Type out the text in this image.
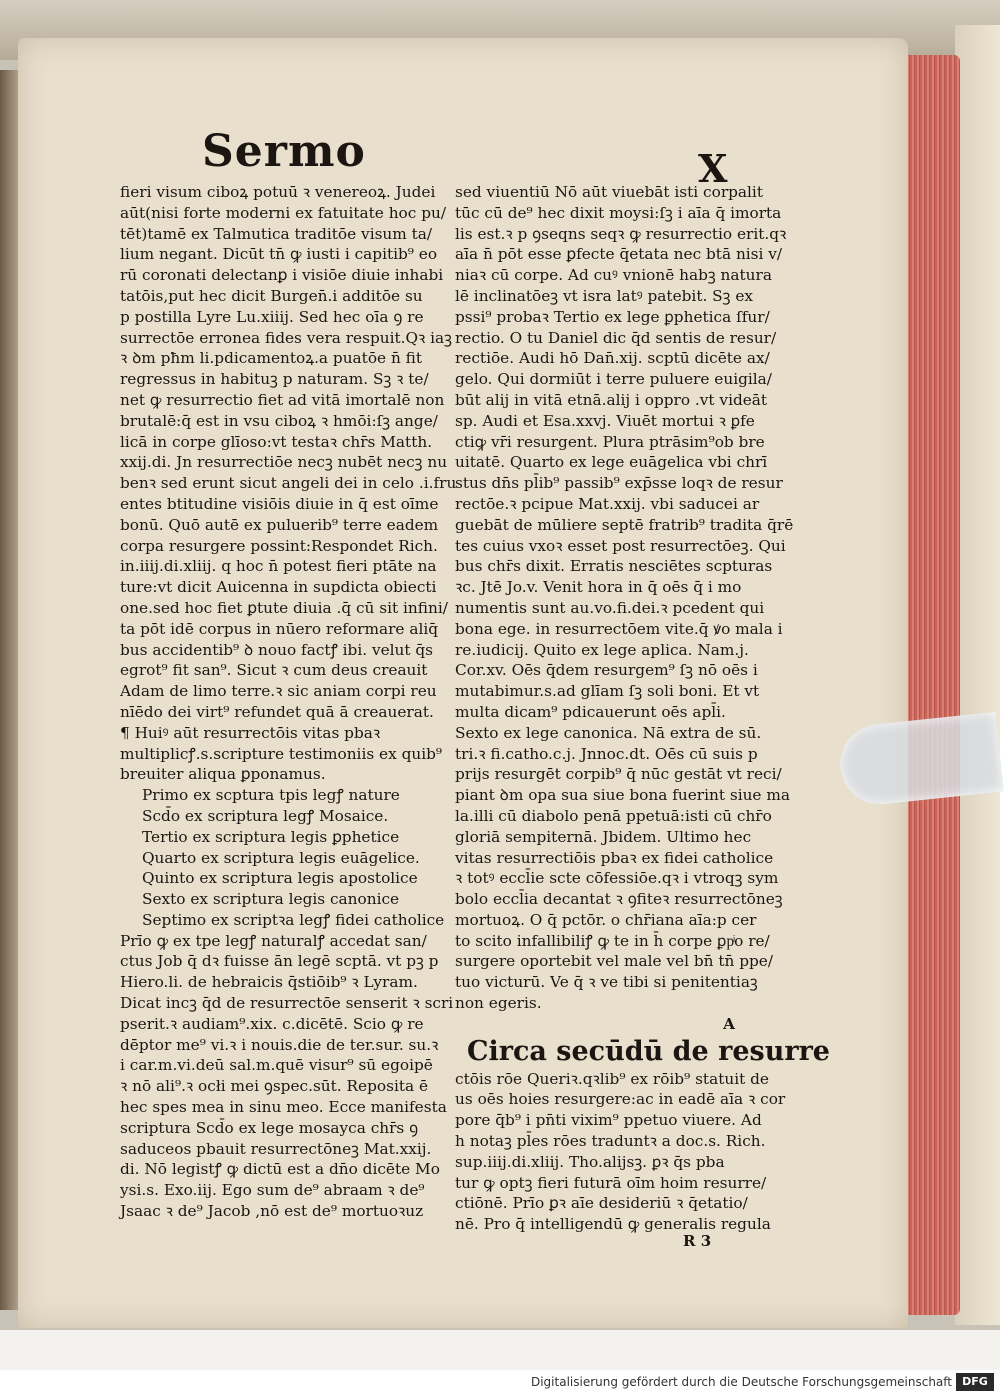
Sermo	X
fieri visum ciboꝝ potuū ꝛ venereoꝝ. Judei
aūt(nisi forte moderni ex fatuitate hoc pu/
tēt)tamē ex Talmutica traditōe visum ta/
lium negant. Dicūt tn̄ ꝙ iusti i capitib⁹ eo
rū coronati delectanꝑ i visiōe diuie inhabi
tatōis,put hec dicit Burgen̄.i additōe su
p postilla Lyre Lu.xiiij. Sed hec oīa ꝯ re
surrectōe erronea fides vera respuit.Qꝛ iaꝫ
ꝛ ꝺm pħm li.pdicamentoꝝ.a puatōe n̄ fit
regressus in habituꝫ p naturam. Sꝫ ꝛ te/
net ꝙ resurrectio fiet ad vitā imortalē non
brutalē:q̄ est in vsu ciboꝝ ꝛ hmōi:ſꝫ ange/
licā in corpe glīoso:vt testaꝛ chr̄s Matth.
xxij.di. Jn resurrectiōe necꝫ nubēt necꝫ nu
benꝛ sed erunt sicut angeli dei in celo .i.fru
entes btitudine visiōis diuie in q̄ est oīme
bonū. Quō autē ex puluerib⁹ terre eadem
corpa resurgere possint:Respondet Rich.
in.iiij.di.xliij. q hoc n̄ potest fieri ptāte na
ture:vt dicit Auicenna in supdicta obiecti
one.sed hoc fiet ꝑtute diuia .q̄ cū sit infini/
ta pōt idē corpus in nūero reformare aliq̄
bus accidentib⁹ ꝺ nouo factꝭ ibi. velut q̄s
egrot⁹ fit san⁹. Sicut ꝛ cum deus creauit
Adam de limo terre.ꝛ sic aniam corpi reu
nīēdo dei virt⁹ refundet quā ā creauerat.
¶ Huiꝰ aūt resurrectōis vitas pbaꝛ
multiplicꝭ.s.scripture testimoniis ex quib⁹
breuiter aliqua ꝑponamus.
Primo ex scptura tpis legꝭ nature
Scd̄o ex scriptura legꝭ Mosaice.
Tertio ex scriptura legis ꝑphetice
Quarto ex scriptura legis euāgelice.
Quinto ex scriptura legis apostolice
Sexto ex scriptura legis canonice
Septimo ex scriptꝛa legꝭ fidei catholice
Prīo ꝙ ex tpe legꝭ naturalꝭ accedat san/
ctus Job q̄ dꝛ fuisse ān legē scptā. vt pꝫ p
Hiero.li. de hebraicis q̄stiōib⁹ ꝛ Lyram.
Dicat incꝫ q̄d de resurrectōe senserit ꝛ scri
pserit.ꝛ audiam⁹.xix. c.dicētē. Scio ꝙ re
dēptor me⁹ vi.ꝛ i nouis.die de ter.sur. su.ꝛ
i car.m.vi.deū sal.m.quē visur⁹ sū egoipē
ꝛ nō ali⁹.ꝛ ocłi mei ꝯspec.sūt. Reposita ē
hec spes mea in sinu meo. Ecce manifesta
scriptura Scd̄o ex lege mosayca chr̄s ꝯ
saduceos pbauit resurrectōneꝫ Mat.xxij.
di. Nō legistꝭ ꝙ dictū est a dn̄o dicēte Mo
ysi.s. Exo.iij. Ego sum de⁹ abraam ꝛ de⁹
Jsaac ꝛ de⁹ Jacob ,nō est de⁹ mortuoꝛuz
sed viuentiū Nō aūt viuebāt isti corpalit
tūc cū de⁹ hec dixit moysi:ſꝫ i aīa q̄ imorta
lis est.ꝛ p ꝯseqns seqꝛ ꝙ resurrectio erit.qꝛ
aīa n̄ pōt esse ꝑfecte q̄etata nec btā nisi v/
niaꝛ cū corpe. Ad cuꝰ vnionē habꝫ natura
lē inclinatōeꝫ vt isra latꝰ patebit. Sꝫ ex
pssi⁹ probaꝛ Tertio ex lege ꝑphetica ſfur/
rectio. O tu Daniel dic q̄d sentis de resur/
rectiōe. Audi hō Dan̄.xij. scptū dicēte ax/
gelo. Qui dormiūt i terre puluere euigila/
būt alij in vitā etnā.alij i oppro .vt videāt
sp. Audi et Esa.xxvj. Viuēt mortui ꝛ ꝑfe
ctiꝙ vr̄i resurgent. Plura ptrāsim⁹ob bre
uitatē. Quarto ex lege euāgelica vbi chrī
stus dn̄s pl̄ib⁹ passib⁹ exp̄sse loqꝛ de resur
rectōe.ꝛ pcipue Mat.xxij. vbi saducei ar
guebāt de mūliere septē fratrib⁹ tradita q̄rē
tes cuius vxoꝛ esset post resurrectōeꝫ. Qui
bus chr̄s dixit. Erratis nesciētes scpturas
ꝛc. Jtē Jo.v. Venit hora in q̄ oēs q̄ i mo
numentis sunt au.vo.fi.dei.ꝛ pcedent qui
bona ege. in resurrectōem vite.q̄ ꝟo mala i
re.iudicij. Quito ex lege aplica. Nam.j.
Cor.xv. Oēs q̄dem resurgem⁹ ſꝫ nō oēs i
mutabimur.s.ad glīam ſꝫ soli boni. Et vt
multa dicam⁹ pdicauerunt oēs apl̄i.
Sexto ex lege canonica. Nā extra de sū.
tri.ꝛ fi.catho.c.j. Jnnoc.dt. Oēs cū suis p
prijs resurgēt corpib⁹ q̄ nūc gestāt vt reci/
piant ꝺm opa sua siue bona fuerint siue ma
la.illi cū diabolo penā ppetuā:isti cū chr̄o
gloriā sempiternā. Jbidem. Ultimo hec
vitas resurrectiōis pbaꝛ ex fidei catholice
ꝛ totꝰ eccl̄ie scte cōfessiōe.qꝛ i vtroqꝫ sym
bolo eccl̄ia decantat ꝛ ꝯfiteꝛ resurrectōneꝫ
mortuoꝝ. O q̄ pctōr. o chr̄iana aīa:p cer
to scito infallibiliꝭ ꝙ te in h̄ corpe ꝑpͥo re/
surgere oportebit vel male vel bn̄ tn̄ ppe/
tuo victurū. Ve q̄ ꝛ ve tibi si penitentiaꝫ
non egeris.
A
Circa secūdū de resurre
ctōis rōe Queriꝛ.qꝛlib⁹ ex rōib⁹ statuit de
us oēs hoies resurgere:ac in eadē aīa ꝛ cor
pore q̄b⁹ i pn̄ti vixim⁹ ppetuo viuere. Ad
h notaꝫ pl̄es rōes traduntꝛ a doc.s. Rich.
sup.iiij.di.xliij. Tho.alijsꝫ. ꝑꝛ q̄s pba
tur ꝙ optꝫ fieri futurā oīm hoim resurre/
ctiōnē. Prīo ꝑꝛ aīe desideriū ꝛ q̄etatio/
nē. Pro q̄ intelligendū ꝙ generalis regula
R 3
Digitalisierung gefördert durch die Deutsche Forschungsgemeinschaft DFG
